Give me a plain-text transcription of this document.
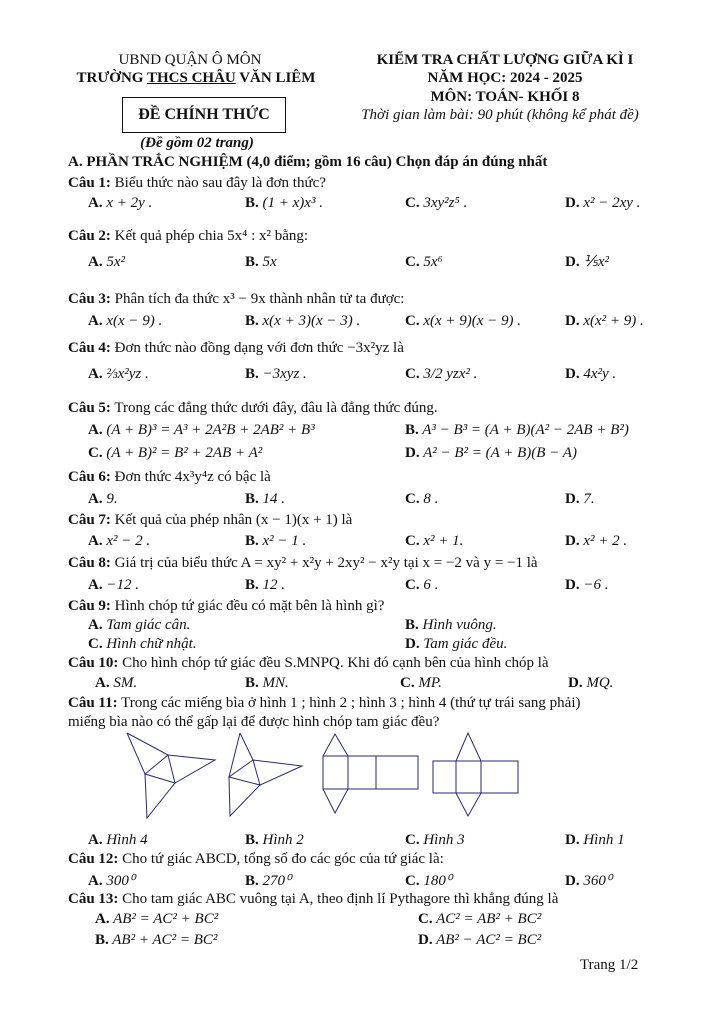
UBND QUẬN Ô MÔN
TRƯỜNG THCS CHÂU VĂN LIÊM
ĐỀ CHÍNH THỨC
(Đề gồm 02 trang)
KIỂM TRA CHẤT LƯỢNG GIỮA KÌ I
NĂM HỌC: 2024 - 2025
MÔN: TOÁN- KHỐI 8
Thời gian làm bài: 90 phút (không kể phát đề)
A. PHẦN TRẮC NGHIỆM (4,0 điểm; gồm 16 câu) Chọn đáp án đúng nhất
Câu 1: Biểu thức nào sau đây là đơn thức?
A. x + 2y .	B. (1 + x)x³ .	C. 3xy²z⁵ .	D. x² − 2xy .
Câu 2: Kết quả phép chia 5x⁴ : x² bằng:
A. 5x²	B. 5x	C. 5x⁶	D. ⅕x²
Câu 3: Phân tích đa thức x³ − 9x thành nhân tử ta được:
A. x(x − 9) .	B. x(x + 3)(x − 3) .	C. x(x + 9)(x − 9) .	D. x(x² + 9) .
Câu 4: Đơn thức nào đồng dạng với đơn thức −3x²yz là
A. ⅔x²yz .	B. −3xyz .	C. 3/2 yzx² .	D. 4x²y .
Câu 5: Trong các đẳng thức dưới đây, đâu là đẳng thức đúng.
A. (A + B)³ = A³ + 2A²B + 2AB² + B³	B. A³ − B³ = (A + B)(A² − 2AB + B²)
C. (A + B)² = B² + 2AB + A²	D. A² − B² = (A + B)(B − A)
Câu 6: Đơn thức 4x³y⁴z có bậc là
A. 9.	B. 14 .	C. 8 .	D. 7.
Câu 7: Kết quả của phép nhân (x − 1)(x + 1) là
A. x² − 2 .	B. x² − 1 .	C. x² + 1.	D. x² + 2 .
Câu 8: Giá trị của biểu thức A = xy² + x²y + 2xy² − x²y tại x = −2 và y = −1 là
A. −12 .	B. 12 .	C. 6 .	D. −6 .
Câu 9: Hình chóp tứ giác đều có mặt bên là hình gì?
A. Tam giác cân.	B. Hình vuông.
C. Hình chữ nhật.	D. Tam giác đều.
Câu 10: Cho hình chóp tứ giác đều S.MNPQ. Khi đó cạnh bên của hình chóp là
A. SM.	B. MN.	C. MP.	D. MQ.
Câu 11: Trong các miếng bìa ở hình 1 ; hình 2 ; hình 3 ; hình 4 (thứ tự trái sang phải)
miếng bìa nào có thể gấp lại để được hình chóp tam giác đều?
A. Hình 4	B. Hình 2	C. Hình 3	D. Hình 1
Câu 12: Cho tứ giác ABCD, tổng số đo các góc của tứ giác là:
A. 300⁰	B. 270⁰	C. 180⁰	D. 360⁰
Câu 13: Cho tam giác ABC vuông tại A, theo định lí Pythagore thì khẳng đúng là
A. AB² = AC² + BC²	C. AC² = AB² + BC²
B. AB² + AC² = BC²	D. AB² − AC² = BC²
Trang 1/2
